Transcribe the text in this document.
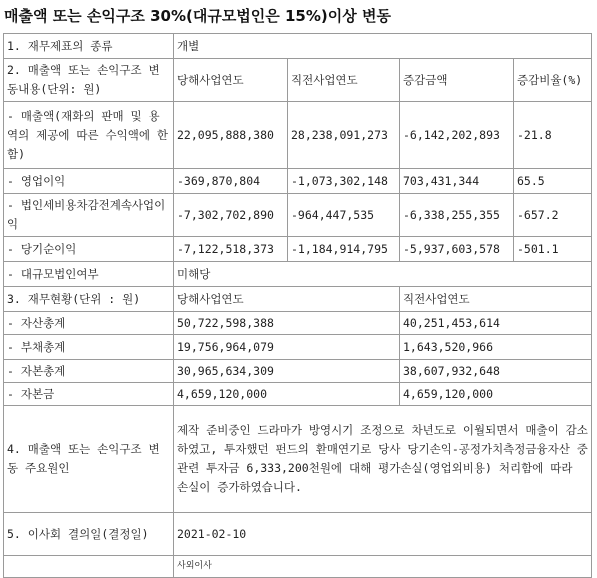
매출액 또는 손익구조 30%(대규모법인은 15%)이상 변동
1. 재무제표의 종류	개별			
2. 매출액 또는 손익구조 변동내용(단위: 원)	당해사업연도	직전사업연도	증감금액	증감비율(%)
- 매출액(재화의 판매 및 용역의 제공에 따른 수익액에 한함)	22,095,888,380	28,238,091,273	-6,142,202,893	-21.8
- 영업이익	-369,870,804	-1,073,302,148	703,431,344	65.5
- 법인세비용차감전계속사업이익	-7,302,702,890	-964,447,535	-6,338,255,355	-657.2
- 당기순이익	-7,122,518,373	-1,184,914,795	-5,937,603,578	-501.1
- 대규모법인여부	미해당			
3. 재무현황(단위 : 원)	당해사업연도		직전사업연도	
- 자산총계	50,722,598,388		40,251,453,614	
- 부채총계	19,756,964,079		1,643,520,966	
- 자본총계	30,965,634,309		38,607,932,648	
- 자본금	4,659,120,000		4,659,120,000	
4. 매출액 또는 손익구조 변동 주요원인	제작 준비중인 드라마가 방영시기 조정으로 차년도로 이월되면서 매출이 감소하였고, 투자했던 펀드의 환매연기로 당사 당기손익-공정가치측정금융자산 중 관련 투자금 6,333,200천원에 대해 평가손실(영업외비용) 처리함에 따라 손실이 증가하였습니다.			
5. 이사회 결의일(결정일)	2021-02-10			
	사외이사			
